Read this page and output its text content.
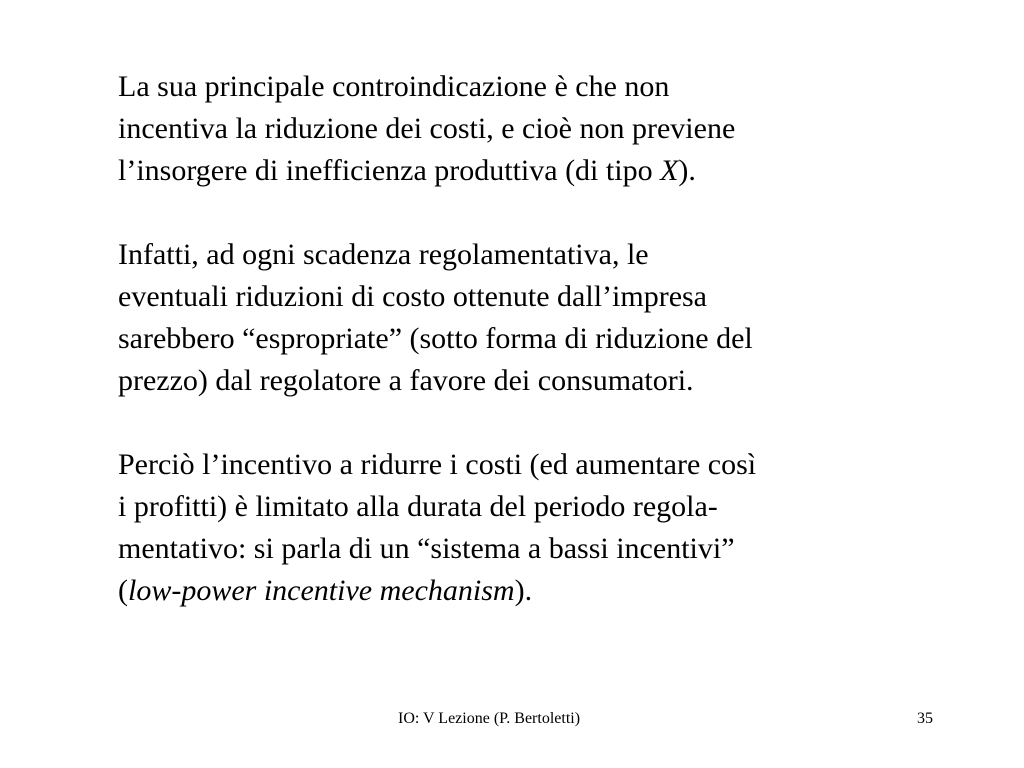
La sua principale controindicazione è che non
incentiva la riduzione dei costi, e cioè non previene
l’insorgere di inefficienza produttiva (di tipo X).

Infatti, ad ogni scadenza regolamentativa, le
eventuali riduzioni di costo ottenute dall’impresa
sarebbero “espropriate” (sotto forma di riduzione del
prezzo) dal regolatore a favore dei consumatori.

Perciò l’incentivo a ridurre i costi (ed aumentare così
i profitti) è limitato alla durata del periodo regola-
mentativo: si parla di un “sistema a bassi incentivi”
(low-power incentive mechanism).

IO: V Lezione (P. Bertoletti)	35
